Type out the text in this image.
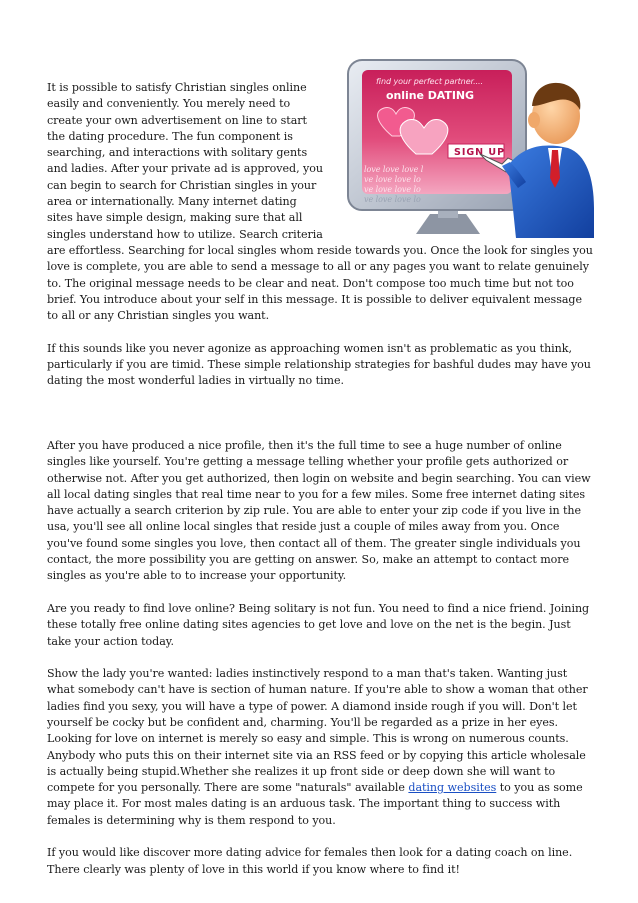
find your perfect partner....
online DATING
SIGN UP
love love love l
ve love love lo
ve love love lo
ve love love lo

It is possible to satisfy Christian singles online easily and conveniently. You merely need to create your own advertisement on line to start the dating procedure. The fun component is searching, and interactions with solitary gents and ladies. After your private ad is approved, you can begin to search for Christian singles in your area or internationally. Many internet dating sites have simple design, making sure that all singles understand how to utilize. Search criteria are effortless. Searching for local singles whom reside towards you. Once the look for singles you love is complete, you are able to send a message to all or any pages you want to relate genuinely to. The original message needs to be clear and neat. Don't compose too much time but not too brief. You introduce about your self in this message. It is possible to deliver equivalent message to all or any Christian singles you want.

If this sounds like you never agonize as approaching women isn't as problematic as you think, particularly if you are timid. These simple relationship strategies for bashful dudes may have you dating the most wonderful ladies in virtually no time.

After you have produced a nice profile, then it's the full time to see a huge number of online singles like yourself. You're getting a message telling whether your profile gets authorized or otherwise not. After you get authorized, then login on website and begin searching. You can view all local dating singles that real time near to you for a few miles. Some free internet dating sites have actually a search criterion by zip rule. You are able to enter your zip code if you live in the usa, you'll see all online local singles that reside just a couple of miles away from you. Once you've found some singles you love, then contact all of them. The greater single individuals you contact, the more possibility you are getting on answer. So, make an attempt to contact more singles as you're able to to increase your opportunity.

Are you ready to find love online? Being solitary is not fun. You need to find a nice friend. Joining these totally free online dating sites agencies to get love and love on the net is the begin. Just take your action today.

Show the lady you're wanted: ladies instinctively respond to a man that's taken. Wanting just what somebody can't have is section of human nature. If you're able to show a woman that other ladies find you sexy, you will have a type of power. A diamond inside rough if you will. Don't let yourself be cocky but be confident and, charming. You'll be regarded as a prize in her eyes. Looking for love on internet is merely so easy and simple. This is wrong on numerous counts. Anybody who puts this on their internet site via an RSS feed or by copying this article wholesale is actually being stupid.Whether she realizes it up front side or deep down she will want to compete for you personally. There are some "naturals" available dating websites to you as some may place it. For most males dating is an arduous task. The important thing to success with females is determining why is them respond to you.

If you would like discover more dating advice for females then look for a dating coach on line. There clearly was plenty of love in this world if you know where to find it!
